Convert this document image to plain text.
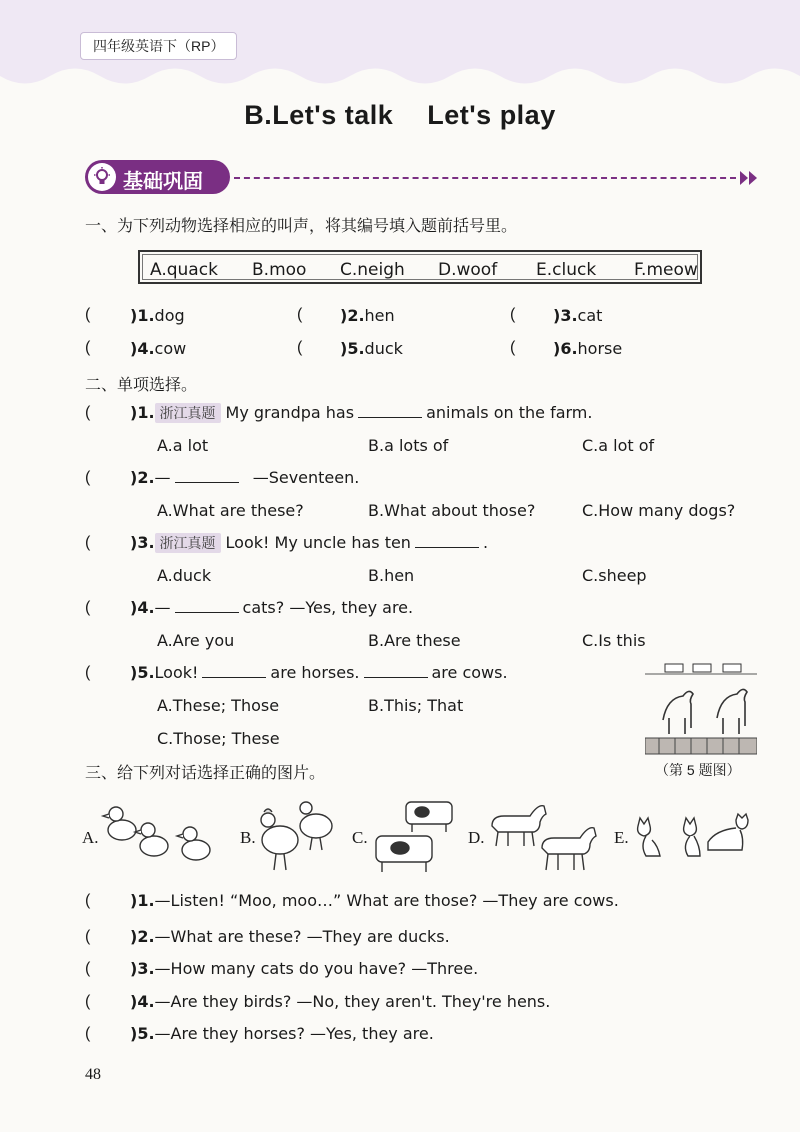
四年级英语下（RP）
B.Let's talk Let's play
基础巩固
一、为下列动物选择相应的叫声，将其编号填入题前括号里。
A.quack B.moo C.neigh D.woof E.cluck F.meow
( )1.dog	( )2.hen	( )3.cat
( )4.cow	( )5.duck	( )6.horse
二、单项选择。
( )1. 浙江真题 My grandpa has	animals on the farm.
A.a lot	B.a lots of	C.a lot of
( )2.—	—Seventeen.
A.What are these?	B.What about those?	C.How many dogs?
( )3. 浙江真题 Look! My uncle has ten	.
A.duck	B.hen	C.sheep
( )4.—	cats? —Yes, they are.
A.Are you	B.Are these	C.Is this
( )5.Look!	are horses.	are cows.
A.These; Those	B.This; That
C.Those; These
（第 5 题图）
三、给下列对话选择正确的图片。
A.	B.	C.	D.	E.
( )1.—Listen! “Moo, moo…” What are those? —They are cows.
( )2.—What are these? —They are ducks.
( )3.—How many cats do you have? —Three.
( )4.—Are they birds? —No, they aren't. They're hens.
( )5.—Are they horses? —Yes, they are.
48
